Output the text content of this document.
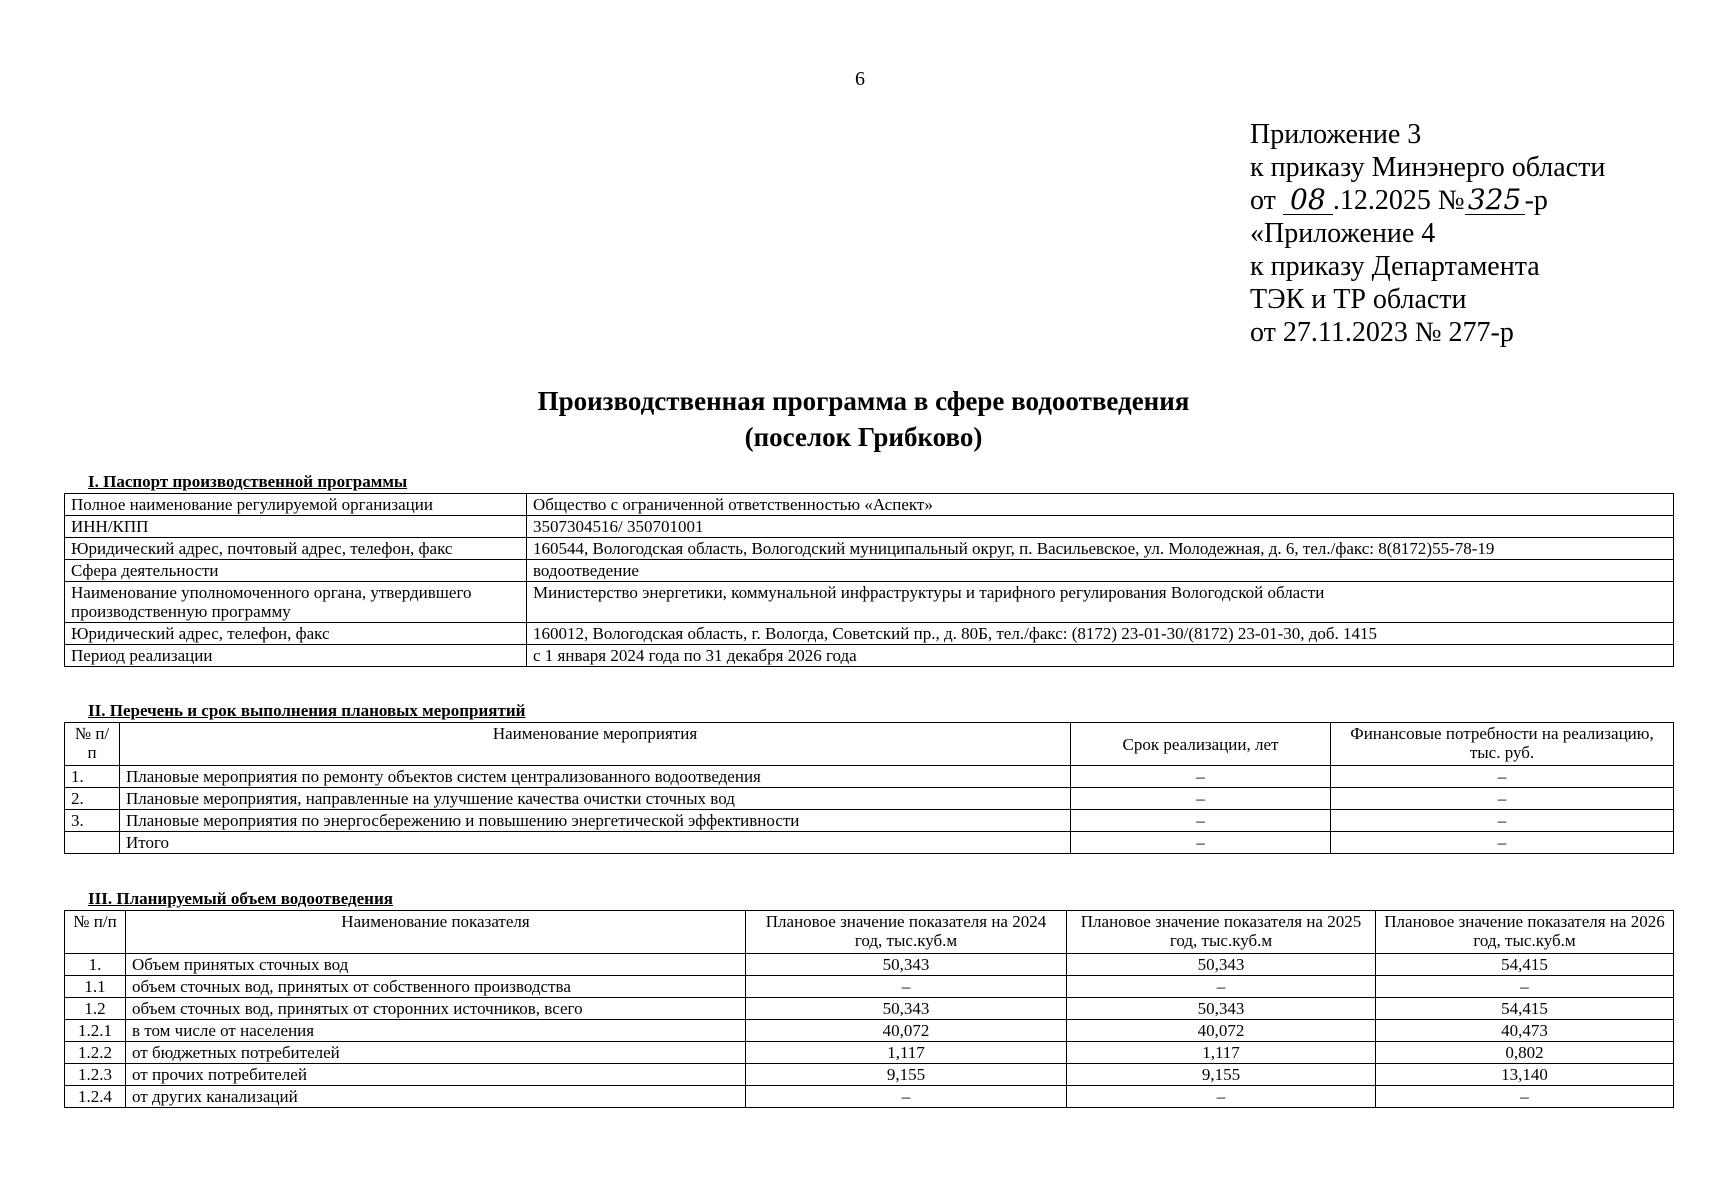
6
Приложение 3
к приказу Минэнерго области
от 08 .12.2025 № 325 -р
«Приложение 4
к приказу Департамента
ТЭК и ТР области
от 27.11.2023 № 277-р
Производственная программа в сфере водоотведения
(поселок Грибково)
I. Паспорт производственной программы
Полное наименование регулируемой организации	Общество с ограниченной ответственностью «Аспект»
ИНН/КПП	3507304516/ 350701001
Юридический адрес, почтовый адрес, телефон, факс	160544, Вологодская область, Вологодский муниципальный округ, п. Васильевское, ул. Молодежная, д. 6, тел./факс: 8(8172)55-78-19
Сфера деятельности	водоотведение
Наименование уполномоченного органа, утвердившего производственную программу	Министерство энергетики, коммунальной инфраструктуры и тарифного регулирования Вологодской области
Юридический адрес, телефон, факс	160012, Вологодская область, г. Вологда, Советский пр., д. 80Б, тел./факс: (8172) 23-01-30/(8172) 23-01-30, доб. 1415
Период реализации	с 1 января 2024 года по 31 декабря 2026 года
II. Перечень и срок выполнения плановых мероприятий
№ п/п	Наименование мероприятия	Срок реализации, лет	Финансовые потребности на реализацию, тыс. руб.
1.	Плановые мероприятия по ремонту объектов систем централизованного водоотведения	–	–
2.	Плановые мероприятия, направленные на улучшение качества очистки сточных вод	–	–
3.	Плановые мероприятия по энергосбережению и повышению энергетической эффективности	–	–
	Итого	–	–
III. Планируемый объем водоотведения
№ п/п	Наименование показателя	Плановое значение показателя на 2024 год, тыс.куб.м	Плановое значение показателя на 2025 год, тыс.куб.м	Плановое значение показателя на 2026 год, тыс.куб.м
1.	Объем принятых сточных вод	50,343	50,343	54,415
1.1	объем сточных вод, принятых от собственного производства	–	–	–
1.2	объем сточных вод, принятых от сторонних источников, всего	50,343	50,343	54,415
1.2.1	в том числе от населения	40,072	40,072	40,473
1.2.2	от бюджетных потребителей	1,117	1,117	0,802
1.2.3	от прочих потребителей	9,155	9,155	13,140
1.2.4	от других канализаций	–	–	–
